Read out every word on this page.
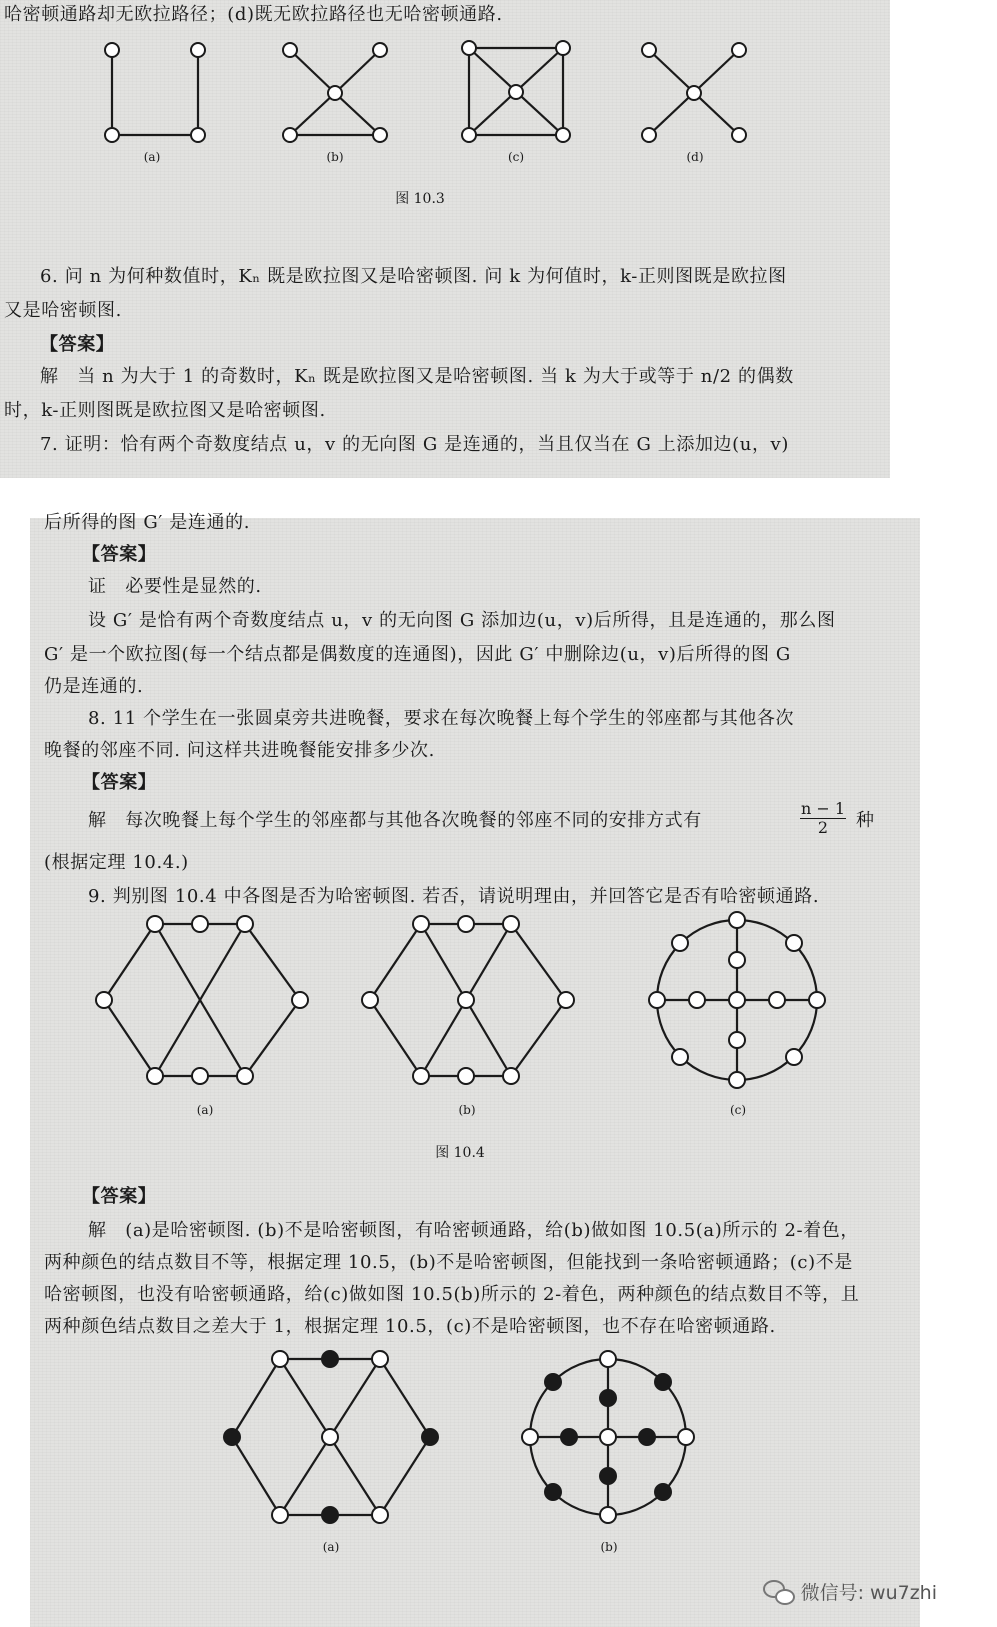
哈密顿通路却无欧拉路径；(d)既无欧拉路径也无哈密顿通路.
(a)	(b)	(c)	(d)
图 10.3
6. 问 n 为何种数值时，Kₙ 既是欧拉图又是哈密顿图. 问 k 为何值时，k-正则图既是欧拉图
又是哈密顿图.
【答案】
解　当 n 为大于 1 的奇数时，Kₙ 既是欧拉图又是哈密顿图. 当 k 为大于或等于 n/2 的偶数
时，k-正则图既是欧拉图又是哈密顿图.
7. 证明：恰有两个奇数度结点 u，v 的无向图 G 是连通的，当且仅当在 G 上添加边(u，v)
后所得的图 G′ 是连通的.
【答案】
证　必要性是显然的.
设 G′ 是恰有两个奇数度结点 u，v 的无向图 G 添加边(u，v)后所得，且是连通的，那么图
G′ 是一个欧拉图(每一个结点都是偶数度的连通图)，因此 G′ 中删除边(u，v)后所得的图 G
仍是连通的.
8. 11 个学生在一张圆桌旁共进晚餐，要求在每次晚餐上每个学生的邻座都与其他各次
晚餐的邻座不同. 问这样共进晚餐能安排多少次.
【答案】
解　每次晚餐上每个学生的邻座都与其他各次晚餐的邻座不同的安排方式有	$\frac{n - 1}{2}$ 种
(根据定理 10.4.)
9. 判别图 10.4 中各图是否为哈密顿图. 若否，请说明理由，并回答它是否有哈密顿通路.
(a)	(b)	(c)
图 10.4
【答案】
解　(a)是哈密顿图. (b)不是哈密顿图，有哈密顿通路，给(b)做如图 10.5(a)所示的 2-着色，
两种颜色的结点数目不等，根据定理 10.5，(b)不是哈密顿图，但能找到一条哈密顿通路；(c)不是
哈密顿图，也没有哈密顿通路，给(c)做如图 10.5(b)所示的 2-着色，两种颜色的结点数目不等，且
两种颜色结点数目之差大于 1，根据定理 10.5，(c)不是哈密顿图，也不存在哈密顿通路.
(a)	(b)
微信号: wu7zhi
